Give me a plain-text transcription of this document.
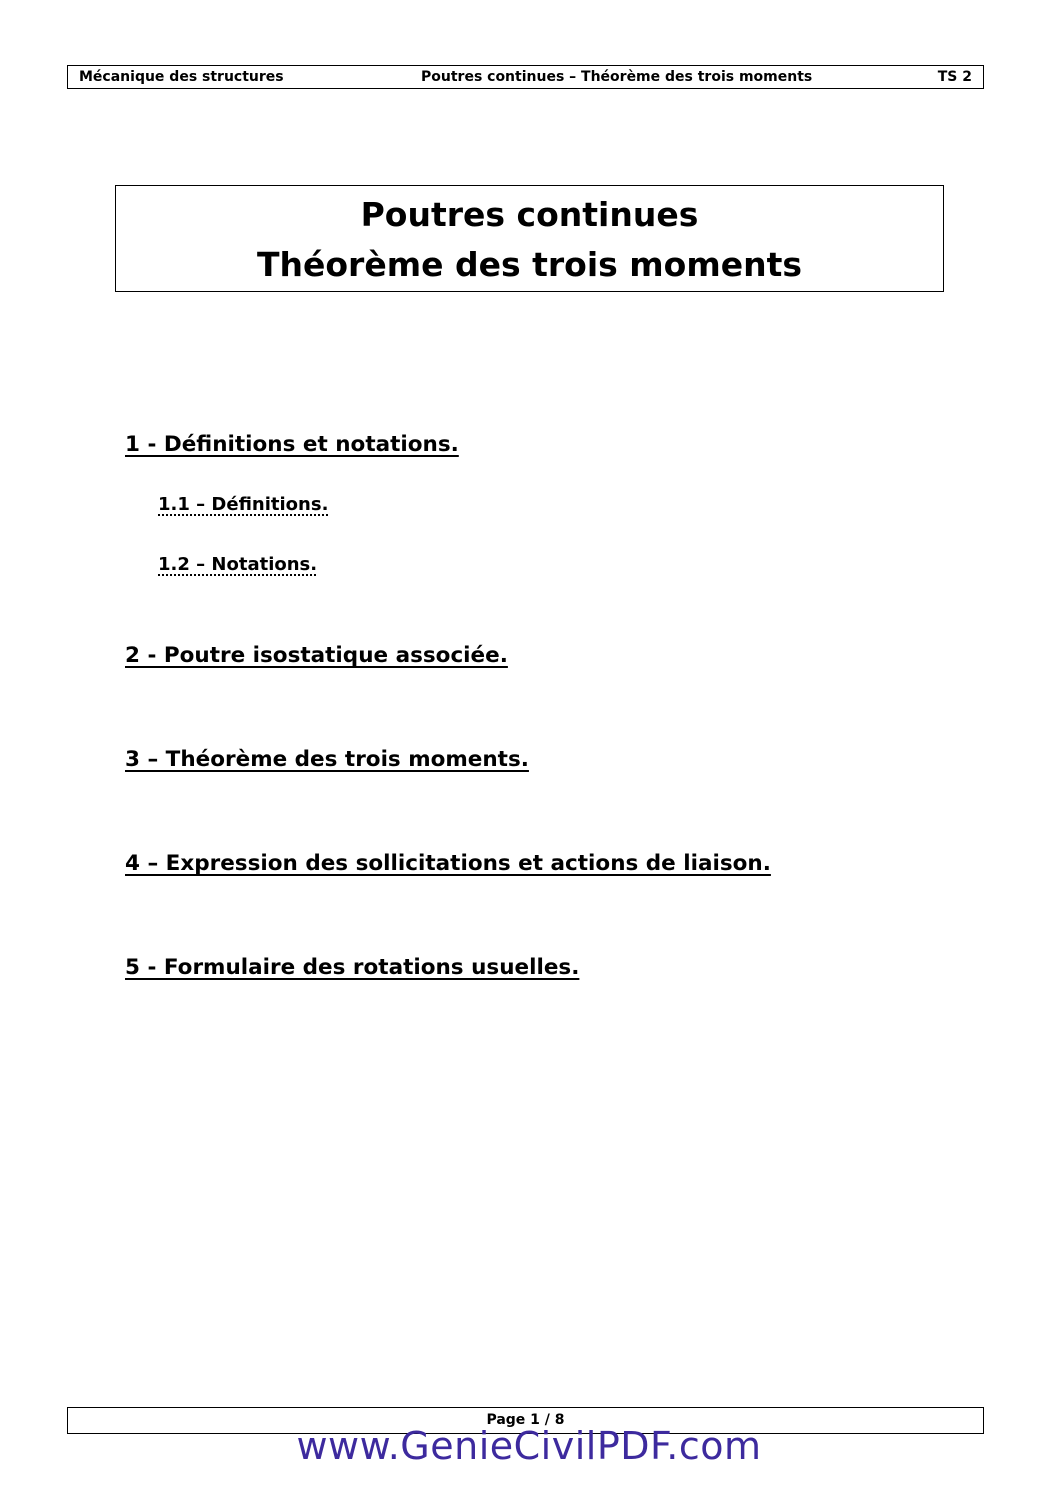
Mécanique des structures	Poutres continues – Théorème des trois moments	TS 2
Poutres continues
Théorème des trois moments
1 - Définitions et notations.
1.1 – Définitions.
1.2 – Notations.
2 - Poutre isostatique associée.
3 – Théorème des trois moments.
4 – Expression des sollicitations et actions de liaison.
5 - Formulaire des rotations usuelles.
Page 1 / 8
www.GenieCivilPDF.com
